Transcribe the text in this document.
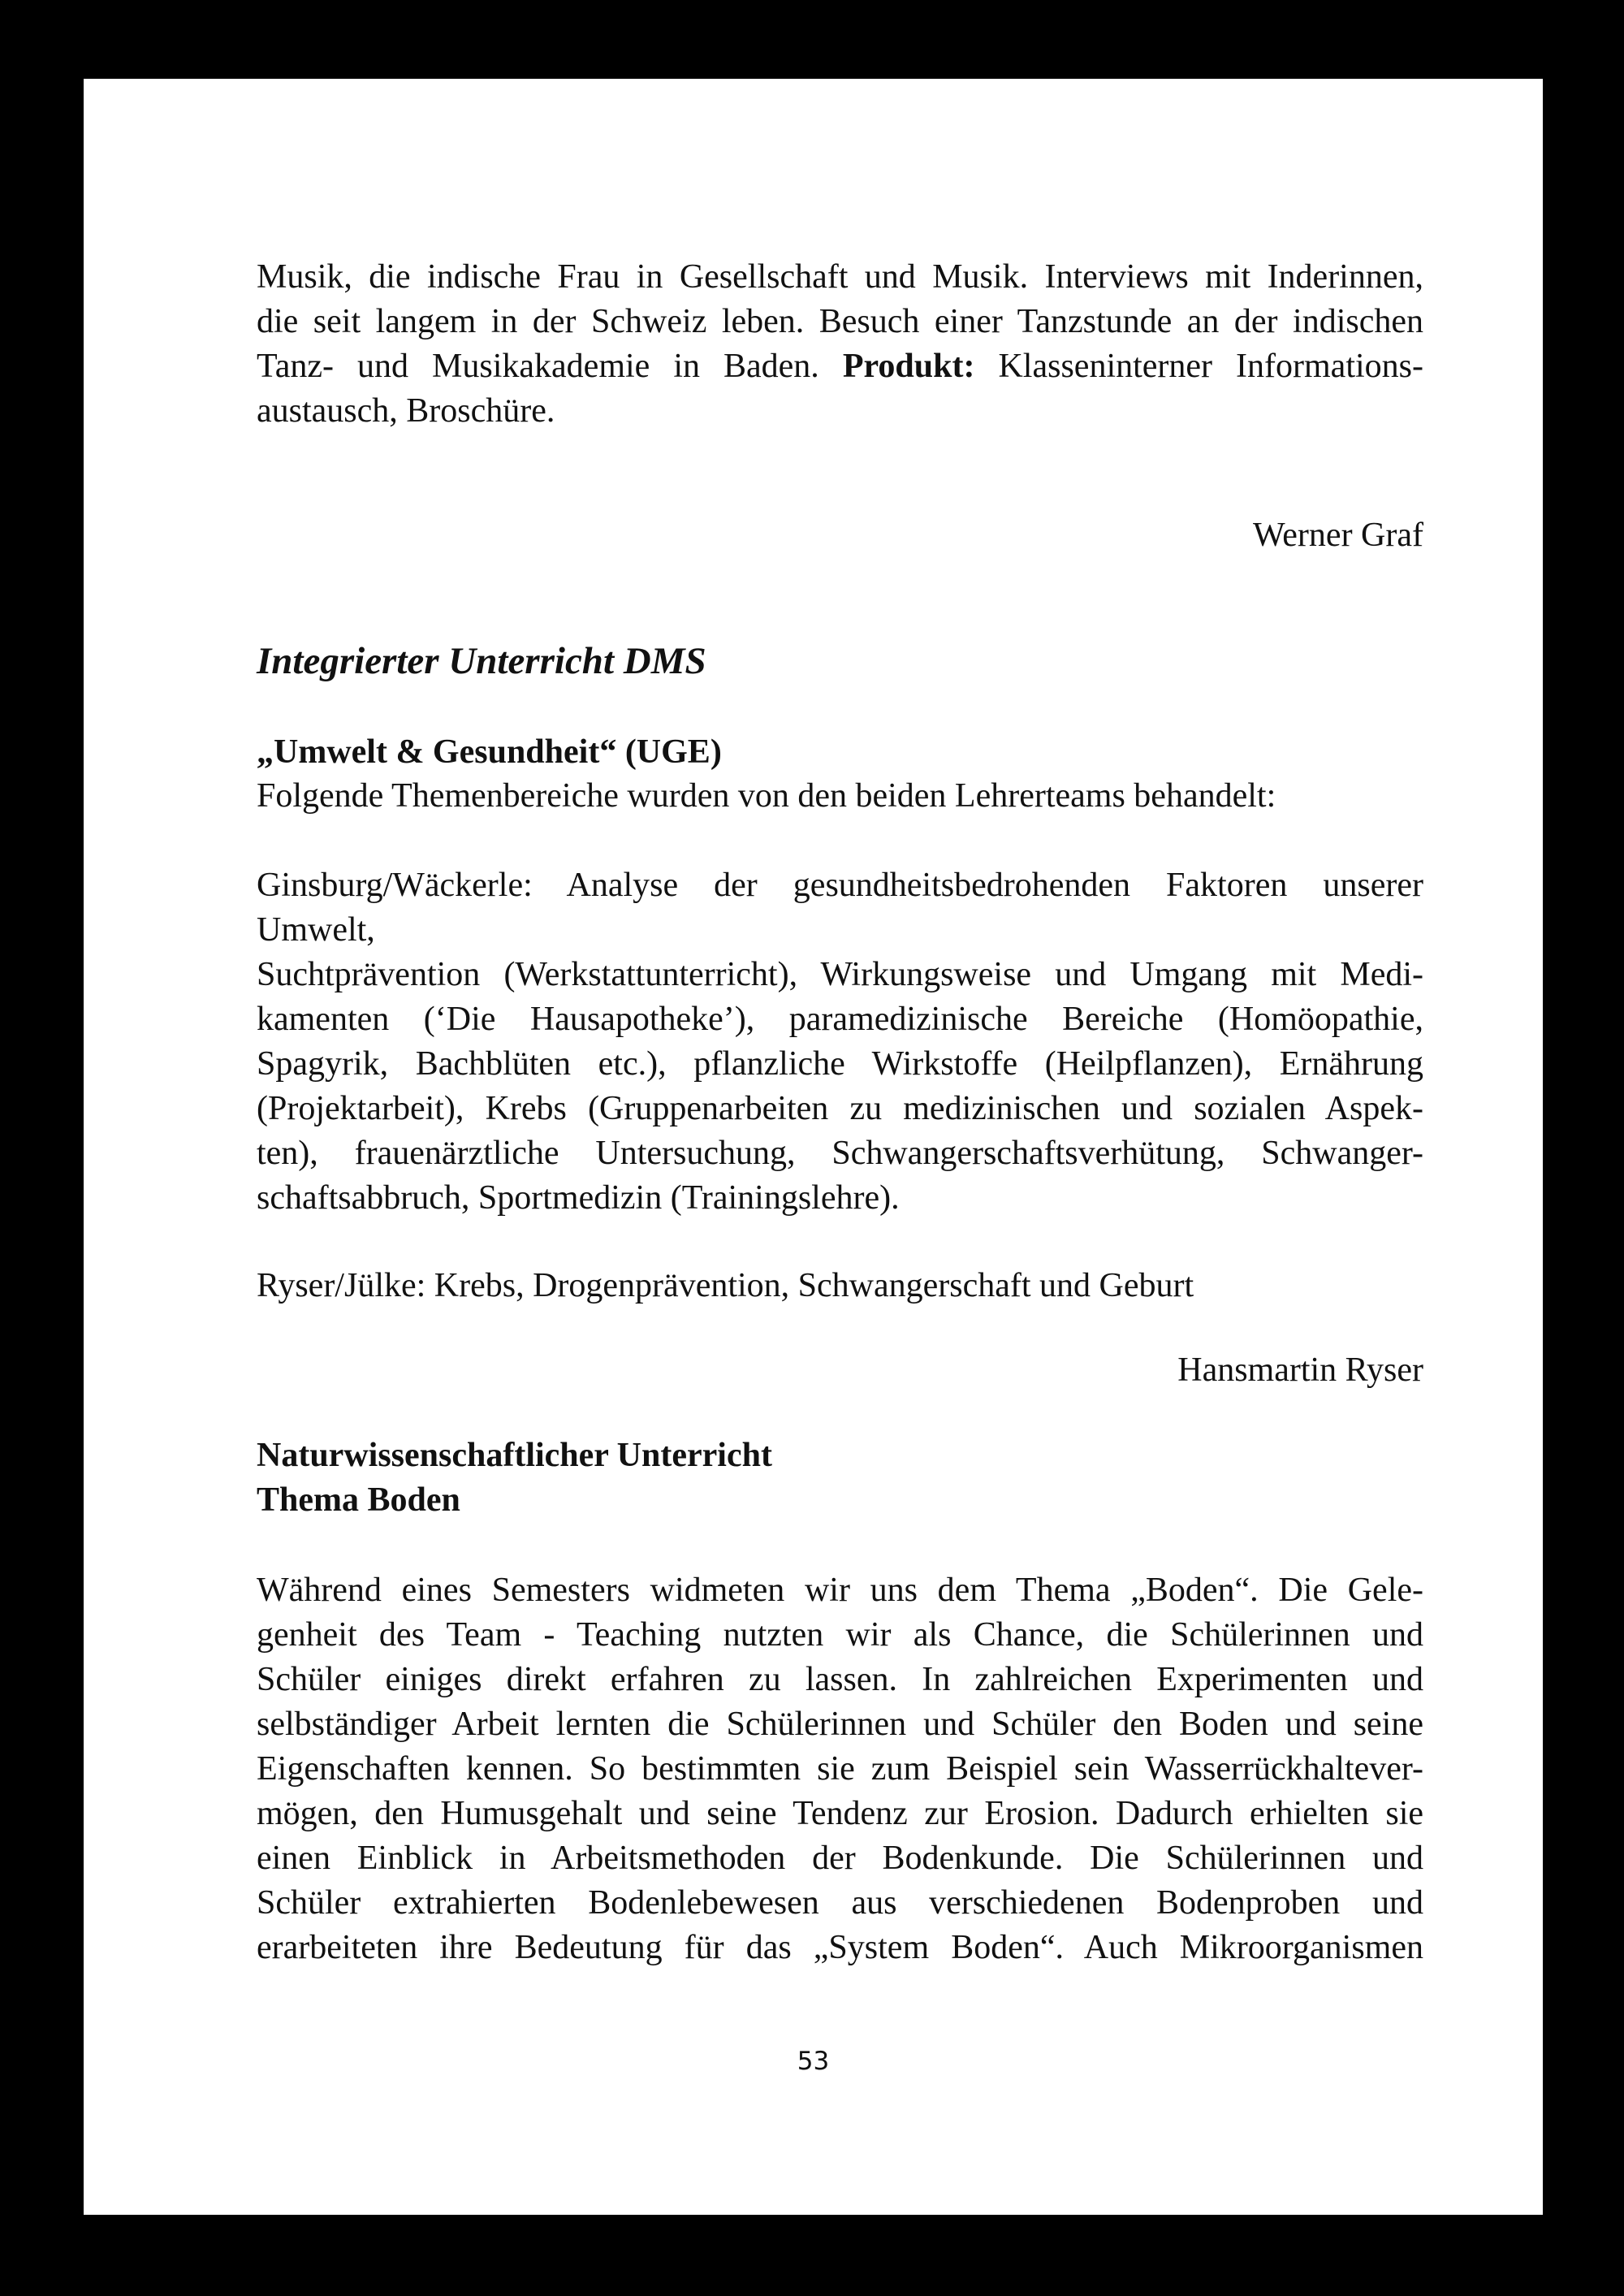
Musik, die indische Frau in Gesellschaft und Musik. Interviews mit Inderinnen,
die seit langem in der Schweiz leben. Besuch einer Tanzstunde an der indischen
Tanz- und Musikakademie in Baden. Produkt: Klasseninterner Informations-
austausch, Broschüre.
Werner Graf
Integrierter Unterricht DMS
„Umwelt & Gesundheit“ (UGE)
Folgende Themenbereiche wurden von den beiden Lehrerteams behandelt:
Ginsburg/Wäckerle: Analyse der gesundheitsbedrohenden Faktoren unserer
Umwelt,
Suchtprävention (Werkstattunterricht), Wirkungsweise und Umgang mit Medi-
kamenten (‘Die Hausapotheke’), paramedizinische Bereiche (Homöopathie,
Spagyrik, Bachblüten etc.), pflanzliche Wirkstoffe (Heilpflanzen), Ernährung
(Projektarbeit), Krebs (Gruppenarbeiten zu medizinischen und sozialen Aspek-
ten), frauenärztliche Untersuchung, Schwangerschaftsverhütung, Schwanger-
schaftsabbruch, Sportmedizin (Trainingslehre).
Ryser/Jülke: Krebs, Drogenprävention, Schwangerschaft und Geburt
Hansmartin Ryser
Naturwissenschaftlicher Unterricht
Thema Boden
Während eines Semesters widmeten wir uns dem Thema „Boden“. Die Gele-
genheit des Team - Teaching nutzten wir als Chance, die Schülerinnen und
Schüler einiges direkt erfahren zu lassen. In zahlreichen Experimenten und
selbständiger Arbeit lernten die Schülerinnen und Schüler den Boden und seine
Eigenschaften kennen. So bestimmten sie zum Beispiel sein Wasserrückhaltever-
mögen, den Humusgehalt und seine Tendenz zur Erosion. Dadurch erhielten sie
einen Einblick in Arbeitsmethoden der Bodenkunde. Die Schülerinnen und
Schüler extrahierten Bodenlebewesen aus verschiedenen Bodenproben und
erarbeiteten ihre Bedeutung für das „System Boden“. Auch Mikroorganismen
53
